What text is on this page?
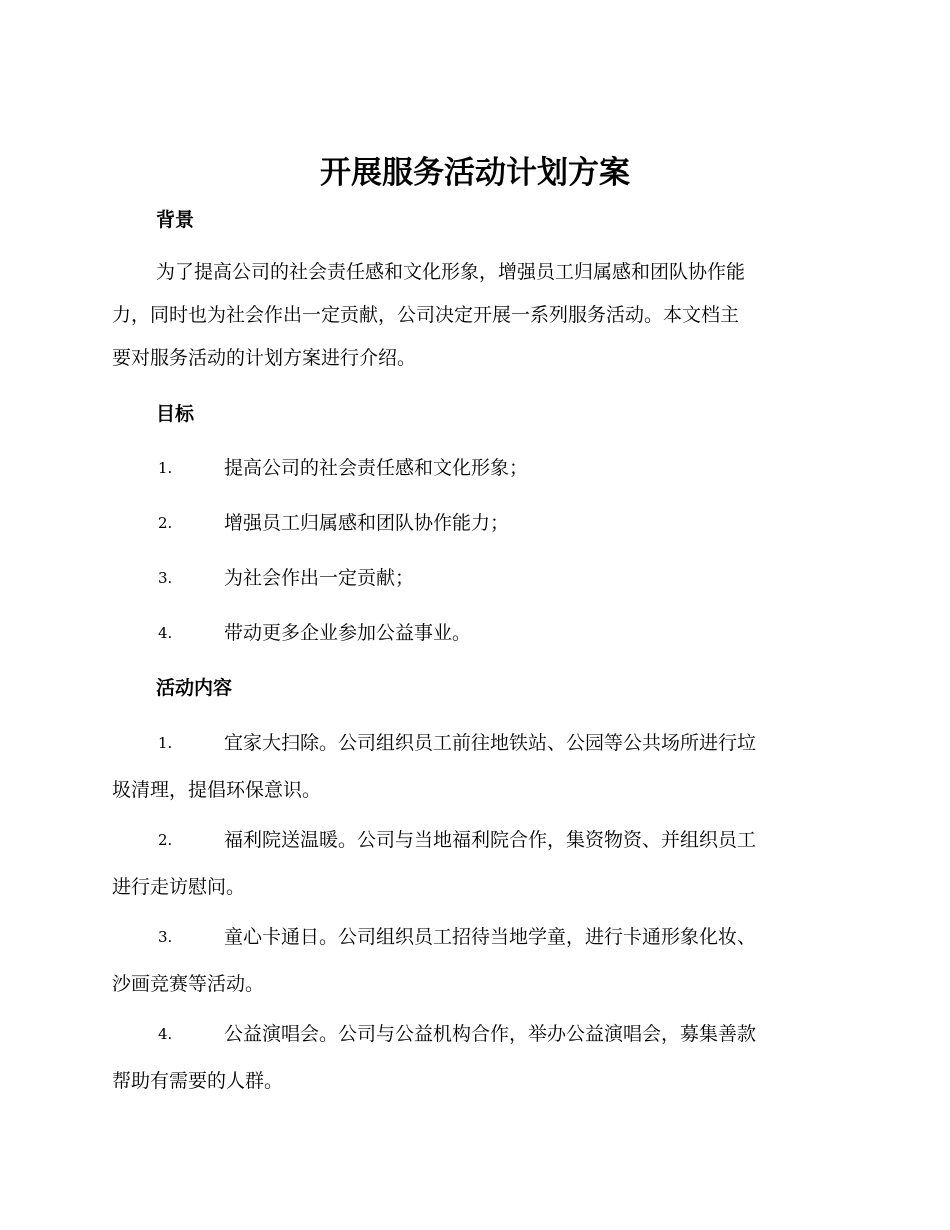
开展服务活动计划方案
背景
为了提高公司的社会责任感和文化形象，增强员工归属感和团队协作能
力，同时也为社会作出一定贡献，公司决定开展一系列服务活动。本文档主
要对服务活动的计划方案进行介绍。
目标
1.	提高公司的社会责任感和文化形象；
2.	增强员工归属感和团队协作能力；
3.	为社会作出一定贡献；
4.	带动更多企业参加公益事业。
活动内容
1.	宜家大扫除。公司组织员工前往地铁站、公园等公共场所进行垃
圾清理，提倡环保意识。
2.	福利院送温暖。公司与当地福利院合作，集资物资、并组织员工
进行走访慰问。
3.	童心卡通日。公司组织员工招待当地学童，进行卡通形象化妆、
沙画竞赛等活动。
4.	公益演唱会。公司与公益机构合作，举办公益演唱会，募集善款
帮助有需要的人群。
